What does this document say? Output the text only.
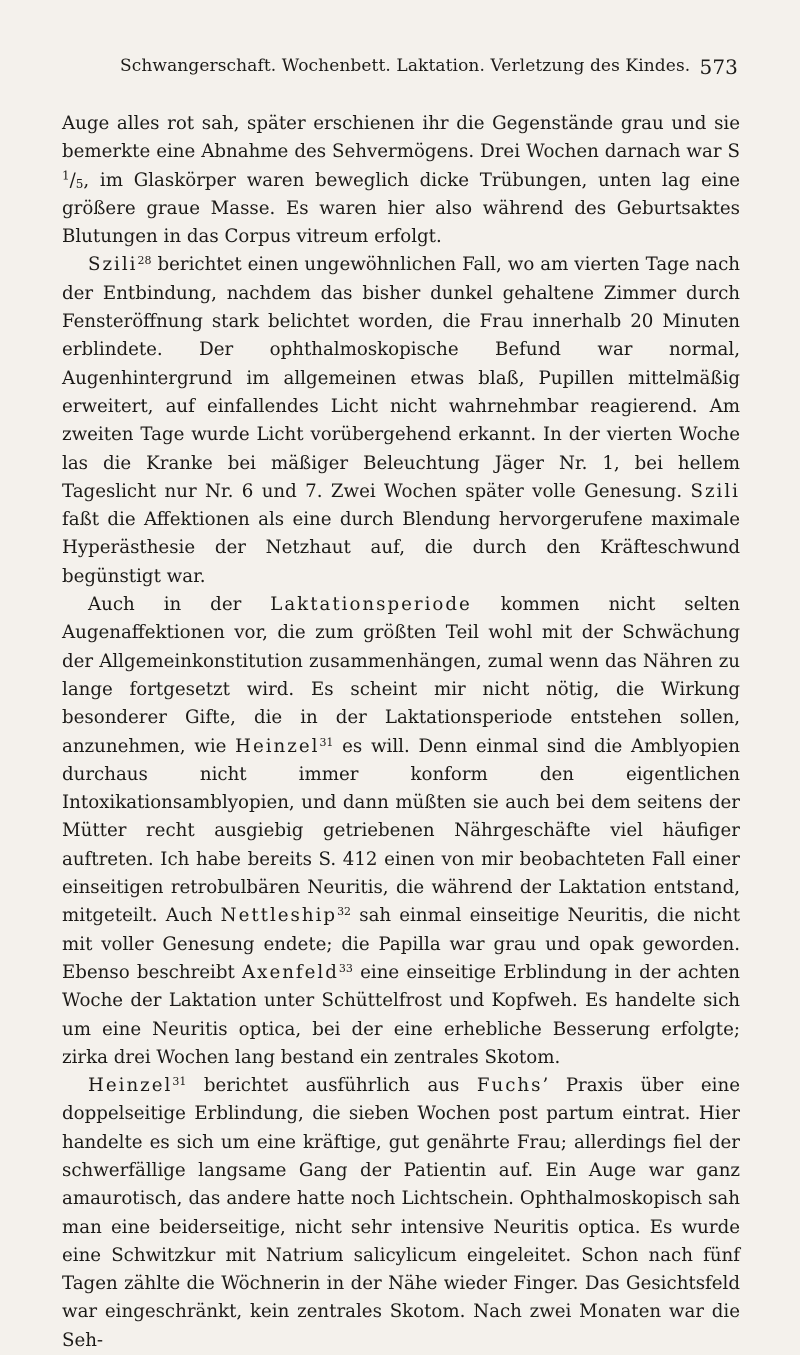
Schwangerschaft. Wochenbett. Laktation. Verletzung des Kindes. 573

Auge alles rot sah, später erschienen ihr die Gegenstände grau und sie bemerkte eine Abnahme des Sehvermögens. Drei Wochen darnach war S $^1/_5$, im Glaskörper waren beweglich dicke Trübungen, unten lag eine größere graue Masse. Es waren hier also während des Geburtsaktes Blutungen in das Corpus vitreum erfolgt.

Szili$^{28}$ berichtet einen ungewöhnlichen Fall, wo am vierten Tage nach der Entbindung, nachdem das bisher dunkel gehaltene Zimmer durch Fensteröffnung stark belichtet worden, die Frau innerhalb 20 Minuten erblindete. Der ophthalmoskopische Befund war normal, Augenhintergrund im allgemeinen etwas blaß, Pupillen mittelmäßig erweitert, auf einfallendes Licht nicht wahrnehmbar reagierend. Am zweiten Tage wurde Licht vorübergehend erkannt. In der vierten Woche las die Kranke bei mäßiger Beleuchtung Jäger Nr. 1, bei hellem Tageslicht nur Nr. 6 und 7. Zwei Wochen später volle Genesung. Szili faßt die Affektionen als eine durch Blendung hervorgerufene maximale Hyperästhesie der Netzhaut auf, die durch den Kräfteschwund begünstigt war.

Auch in der Laktationsperiode kommen nicht selten Augenaffektionen vor, die zum größten Teil wohl mit der Schwächung der Allgemeinkonstitution zusammenhängen, zumal wenn das Nähren zu lange fortgesetzt wird. Es scheint mir nicht nötig, die Wirkung besonderer Gifte, die in der Laktationsperiode entstehen sollen, anzunehmen, wie Heinzel$^{31}$ es will. Denn einmal sind die Amblyopien durchaus nicht immer konform den eigentlichen Intoxikationsamblyopien, und dann müßten sie auch bei dem seitens der Mütter recht ausgiebig getriebenen Nährgeschäfte viel häufiger auftreten. Ich habe bereits S. 412 einen von mir beobachteten Fall einer einseitigen retrobulbären Neuritis, die während der Laktation entstand, mitgeteilt. Auch Nettleship$^{32}$ sah einmal einseitige Neuritis, die nicht mit voller Genesung endete; die Papilla war grau und opak geworden. Ebenso beschreibt Axenfeld$^{33}$ eine einseitige Erblindung in der achten Woche der Laktation unter Schüttelfrost und Kopfweh. Es handelte sich um eine Neuritis optica, bei der eine erhebliche Besserung erfolgte; zirka drei Wochen lang bestand ein zentrales Skotom.

Heinzel$^{31}$ berichtet ausführlich aus Fuchs’ Praxis über eine doppelseitige Erblindung, die sieben Wochen post partum eintrat. Hier handelte es sich um eine kräftige, gut genährte Frau; allerdings fiel der schwerfällige langsame Gang der Patientin auf. Ein Auge war ganz amaurotisch, das andere hatte noch Lichtschein. Ophthalmoskopisch sah man eine beiderseitige, nicht sehr intensive Neuritis optica. Es wurde eine Schwitzkur mit Natrium salicylicum eingeleitet. Schon nach fünf Tagen zählte die Wöchnerin in der Nähe wieder Finger. Das Gesichtsfeld war eingeschränkt, kein zentrales Skotom. Nach zwei Monaten war die Seh-
